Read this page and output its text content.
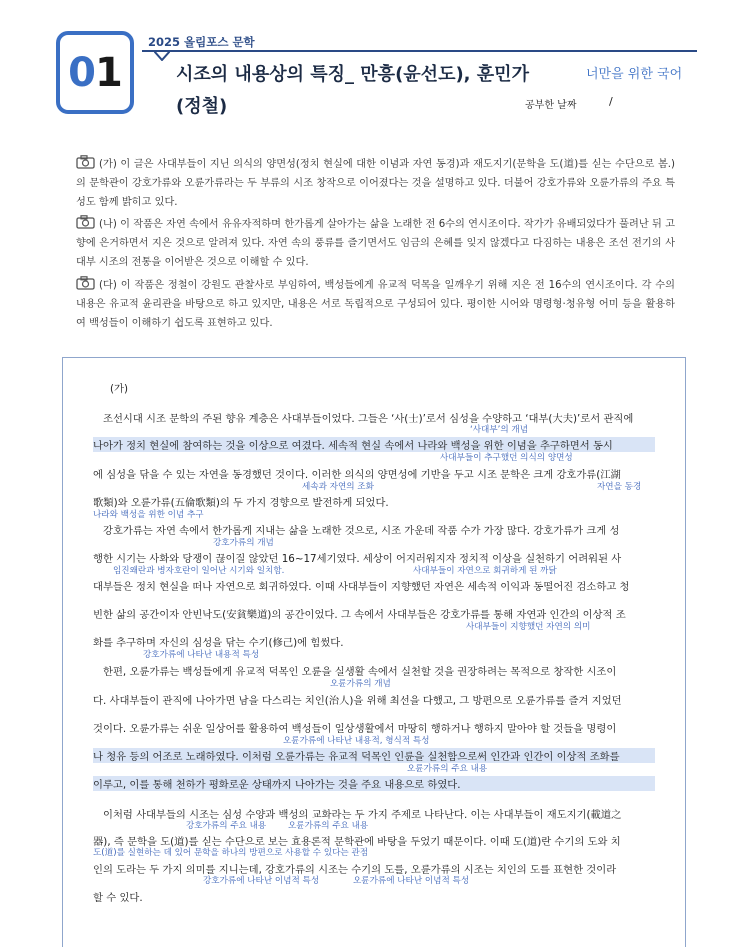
0 1
2025 올림포스 문학
시조의 내용상의 특징_ 만흥(윤선도), 훈민가
(정철)
너만을 위한 국어
공부한 날짜	/
(가) 이 글은 사대부들이 지닌 의식의 양면성(정치 현실에 대한 이념과 자연 동경)과 재도지기(문학을 도(道)를 싣는 수단으로 봄.)의 문학관이 강호가류와 오륜가류라는 두 부류의 시조 창작으로 이어졌다는 것을 설명하고 있다. 더불어 강호가류와 오륜가류의 주요 특성도 함께 밝히고 있다.
(나) 이 작품은 자연 속에서 유유자적하며 한가롭게 살아가는 삶을 노래한 전 6수의 연시조이다. 작가가 유배되었다가 풀려난 뒤 고향에 은거하면서 지은 것으로 알려져 있다. 자연 속의 풍류를 즐기면서도 임금의 은혜를 잊지 않겠다고 다짐하는 내용은 조선 전기의 사대부 시조의 전통을 이어받은 것으로 이해할 수 있다.
(다) 이 작품은 정철이 강원도 관찰사로 부임하여, 백성들에게 유교적 덕목을 일깨우기 위해 지은 전 16수의 연시조이다. 각 수의 내용은 유교적 윤리관을 바탕으로 하고 있지만, 내용은 서로 독립적으로 구성되어 있다. 평이한 시어와 명령형·청유형 어미 등을 활용하여 백성들이 이해하기 쉽도록 표현하고 있다.
(가)
조선시대 시조 문학의 주된 향유 계층은 사대부들이었다. 그들은 ‘사(士)’로서 심성을 수양하고 ‘대부(大夫)’로서 관직에
‘사대부’의 개념
나아가 정치 현실에 참여하는 것을 이상으로 여겼다. 세속적 현실 속에서 나라와 백성을 위한 이념을 추구하면서 동시
사대부들이 추구했던 의식의 양면성
에 심성을 닦을 수 있는 자연을 동경했던 것이다. 이러한 의식의 양면성에 기반을 두고 시조 문학은 크게 강호가류(江湖
세속과 자연의 조화	자연을 동경
歌類)와 오륜가류(五倫歌類)의 두 가지 경향으로 발전하게 되었다.
나라와 백성을 위한 이념 추구
강호가류는 자연 속에서 한가롭게 지내는 삶을 노래한 것으로, 시조 가운데 작품 수가 가장 많다. 강호가류가 크게 성
강호가류의 개념
행한 시기는 사화와 당쟁이 끊이질 않았던 16~17세기였다. 세상이 어지러워지자 정치적 이상을 실천하기 어려워된 사
임진왜란과 병자호란이 일어난 시기와 일치함.	사대부들이 자연으로 회귀하게 된 까닭
대부들은 정치 현실을 떠나 자연으로 회귀하였다. 이때 사대부들이 지향했던 자연은 세속적 이익과 동떨어진 검소하고 청
빈한 삶의 공간이자 안빈낙도(安貧樂道)의 공간이었다. 그 속에서 사대부들은 강호가류를 통해 자연과 인간의 이상적 조
사대부들이 지향했던 자연의 의미
화를 추구하며 자신의 심성을 닦는 수기(修己)에 힘썼다.
강호가류에 나타난 내용적 특성
한편, 오륜가류는 백성들에게 유교적 덕목인 오륜을 실생활 속에서 실천할 것을 권장하려는 목적으로 창작한 시조이
오륜가류의 개념
다. 사대부들이 관직에 나아가면 남을 다스리는 치인(治人)을 위해 최선을 다했고, 그 방편으로 오륜가류를 즐겨 지었던
것이다. 오륜가류는 쉬운 일상어를 활용하여 백성들이 일상생활에서 마땅히 행하거나 행하지 말아야 할 것들을 명령이
오륜가류에 나타난 내용적, 형식적 특성
나 청유 등의 어조로 노래하였다. 이처럼 오륜가류는 유교적 덕목인 인륜을 실천함으로써 인간과 인간이 이상적 조화를
오륜가류의 주요 내용
이루고, 이를 통해 천하가 평화로운 상태까지 나아가는 것을 주요 내용으로 하였다.
이처럼 사대부들의 시조는 심성 수양과 백성의 교화라는 두 가지 주제로 나타난다. 이는 사대부들이 재도지기(載道之
강호가류의 주요 내용	오륜가류의 주요 내용
器), 즉 문학을 도(道)를 싣는 수단으로 보는 효용론적 문학관에 바탕을 두었기 때문이다. 이때 도(道)란 수기의 도와 치
도(道)를 실현하는 데 있어 문학을 하나의 방편으로 사용할 수 있다는 관점
인의 도라는 두 가지 의미를 지니는데, 강호가류의 시조는 수기의 도를, 오륜가류의 시조는 치인의 도를 표현한 것이라
강호가류에 나타난 이념적 특성	오륜가류에 나타난 이념적 특성
할 수 있다.
